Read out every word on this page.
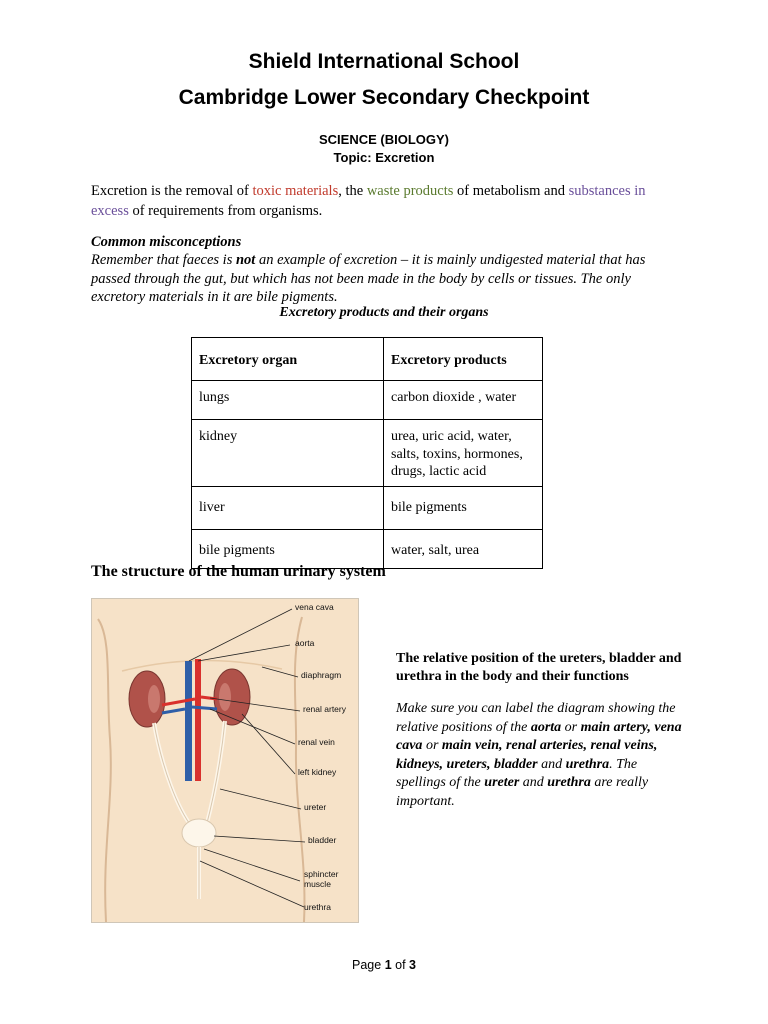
Shield International School
Cambridge Lower Secondary Checkpoint
SCIENCE (BIOLOGY)
Topic: Excretion
Excretion is the removal of toxic materials, the waste products of metabolism and substances in excess of requirements from organisms.
Common misconceptions
Remember that faeces is not an example of excretion – it is mainly undigested material that has passed through the gut, but which has not been made in the body by cells or tissues. The only excretory materials in it are bile pigments.
Excretory products and their organs
Excretory organ	Excretory products
lungs	carbon dioxide , water
kidney	urea, uric acid, water, salts, toxins, hormones, drugs, lactic acid
liver	bile pigments
bile pigments	water, salt, urea
The structure of the human urinary system
vena cava
aorta
diaphragm
renal artery
renal vein
left kidney
ureter
bladder
sphincter muscle
urethra
The relative position of the ureters, bladder and urethra in the body and their functions
Make sure you can label the diagram showing the relative positions of the aorta or main artery, vena cava or main vein, renal arteries, renal veins, kidneys, ureters, bladder and urethra. The spellings of the ureter and urethra are really important.
Page 1 of 3
